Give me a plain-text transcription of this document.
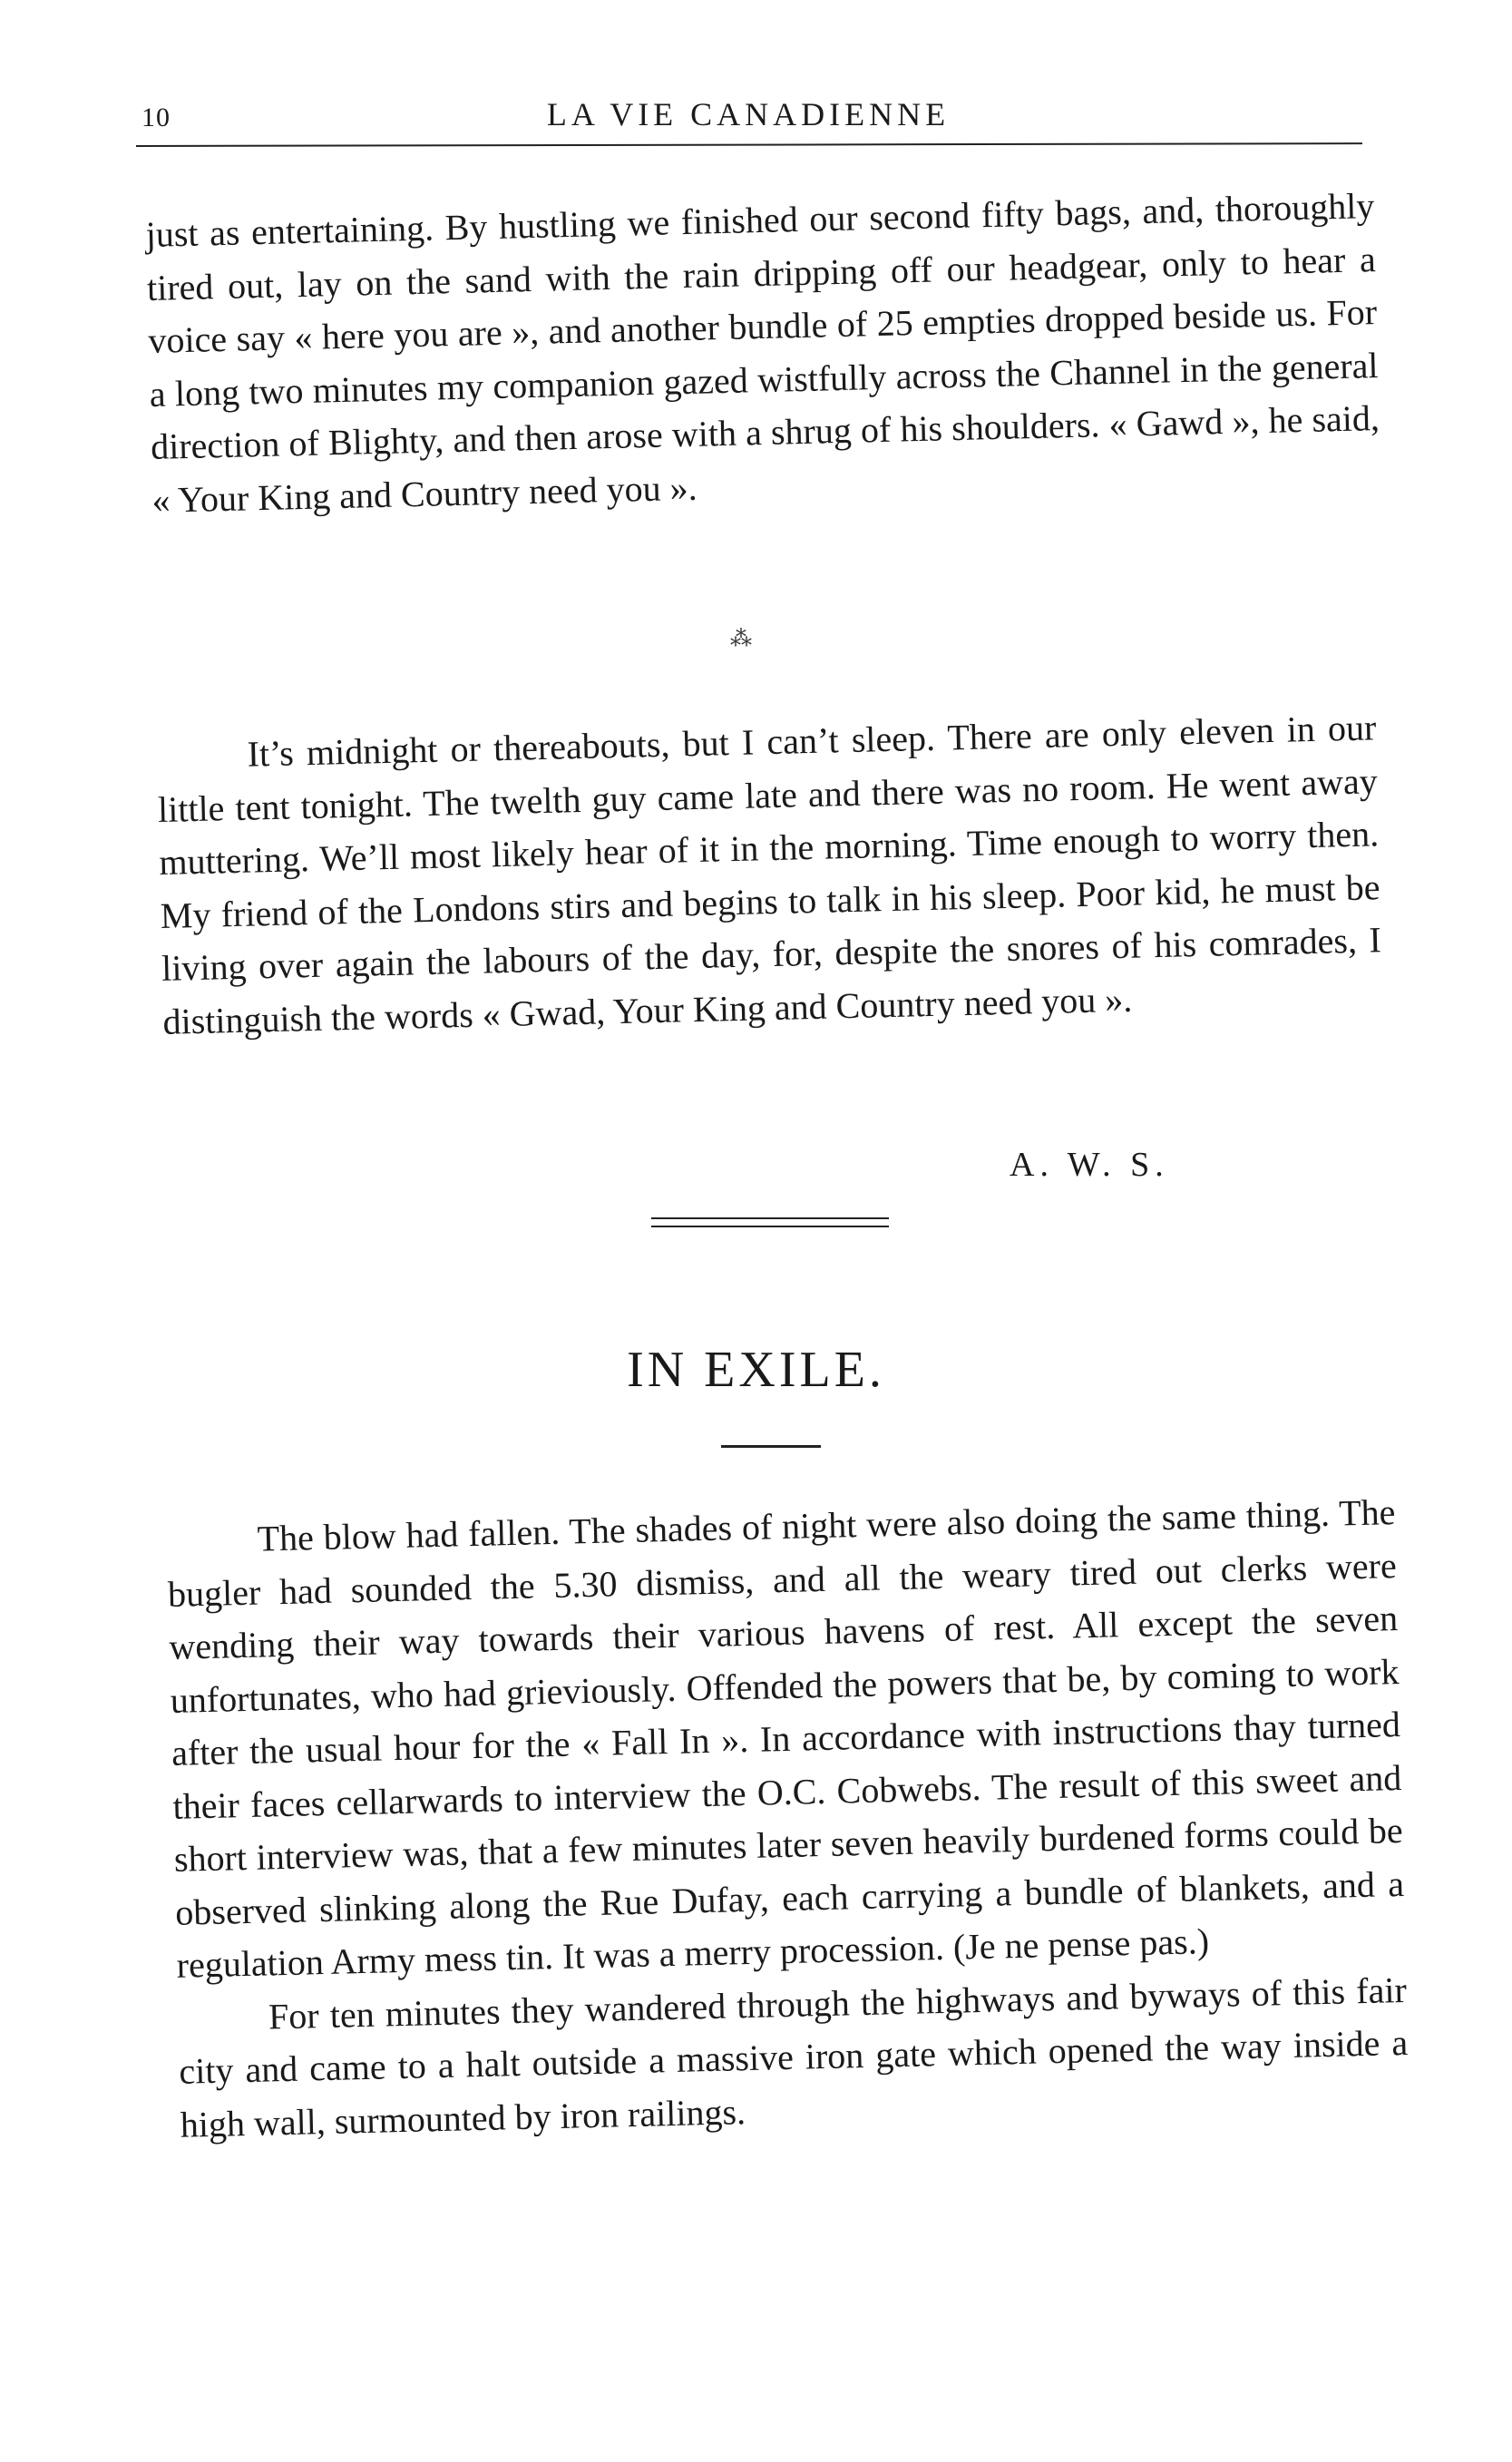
10	LA VIE CANADIENNE

just as entertaining. By hustling we finished our second fifty bags, and, thoroughly tired out, lay on the sand with the rain dripping off our headgear, only to hear a voice say « here you are », and another bundle of 25 empties dropped beside us. For a long two minutes my companion gazed wistfully across the Channel in the general direction of Blighty, and then arose with a shrug of his shoulders. « Gawd », he said, « Your King and Country need you ».

⁂

It’s midnight or thereabouts, but I can’t sleep. There are only eleven in our little tent tonight. The twelth guy came late and there was no room. He went away muttering. We’ll most likely hear of it in the morning. Time enough to worry then. My friend of the Londons stirs and begins to talk in his sleep. Poor kid, he must be living over again the labours of the day, for, despite the snores of his comrades, I distinguish the words « Gwad, Your King and Country need you ».

A. W. S.
IN EXILE.

The blow had fallen. The shades of night were also doing the same thing. The bugler had sounded the 5.30 dismiss, and all the weary tired out clerks were wending their way towards their various havens of rest. All except the seven unfortunates, who had grieviously. Offended the powers that be, by coming to work after the usual hour for the « Fall In ». In accordance with instructions thay turned their faces cellarwards to interview the O.C. Cobwebs. The result of this sweet and short interview was, that a few minutes later seven heavily burdened forms could be observed slinking along the Rue Dufay, each carrying a bundle of blankets, and a regulation Army mess tin. It was a merry procession. (Je ne pense pas.)

For ten minutes they wandered through the highways and byways of this fair city and came to a halt outside a massive iron gate which opened the way inside a high wall, surmounted by iron railings.
